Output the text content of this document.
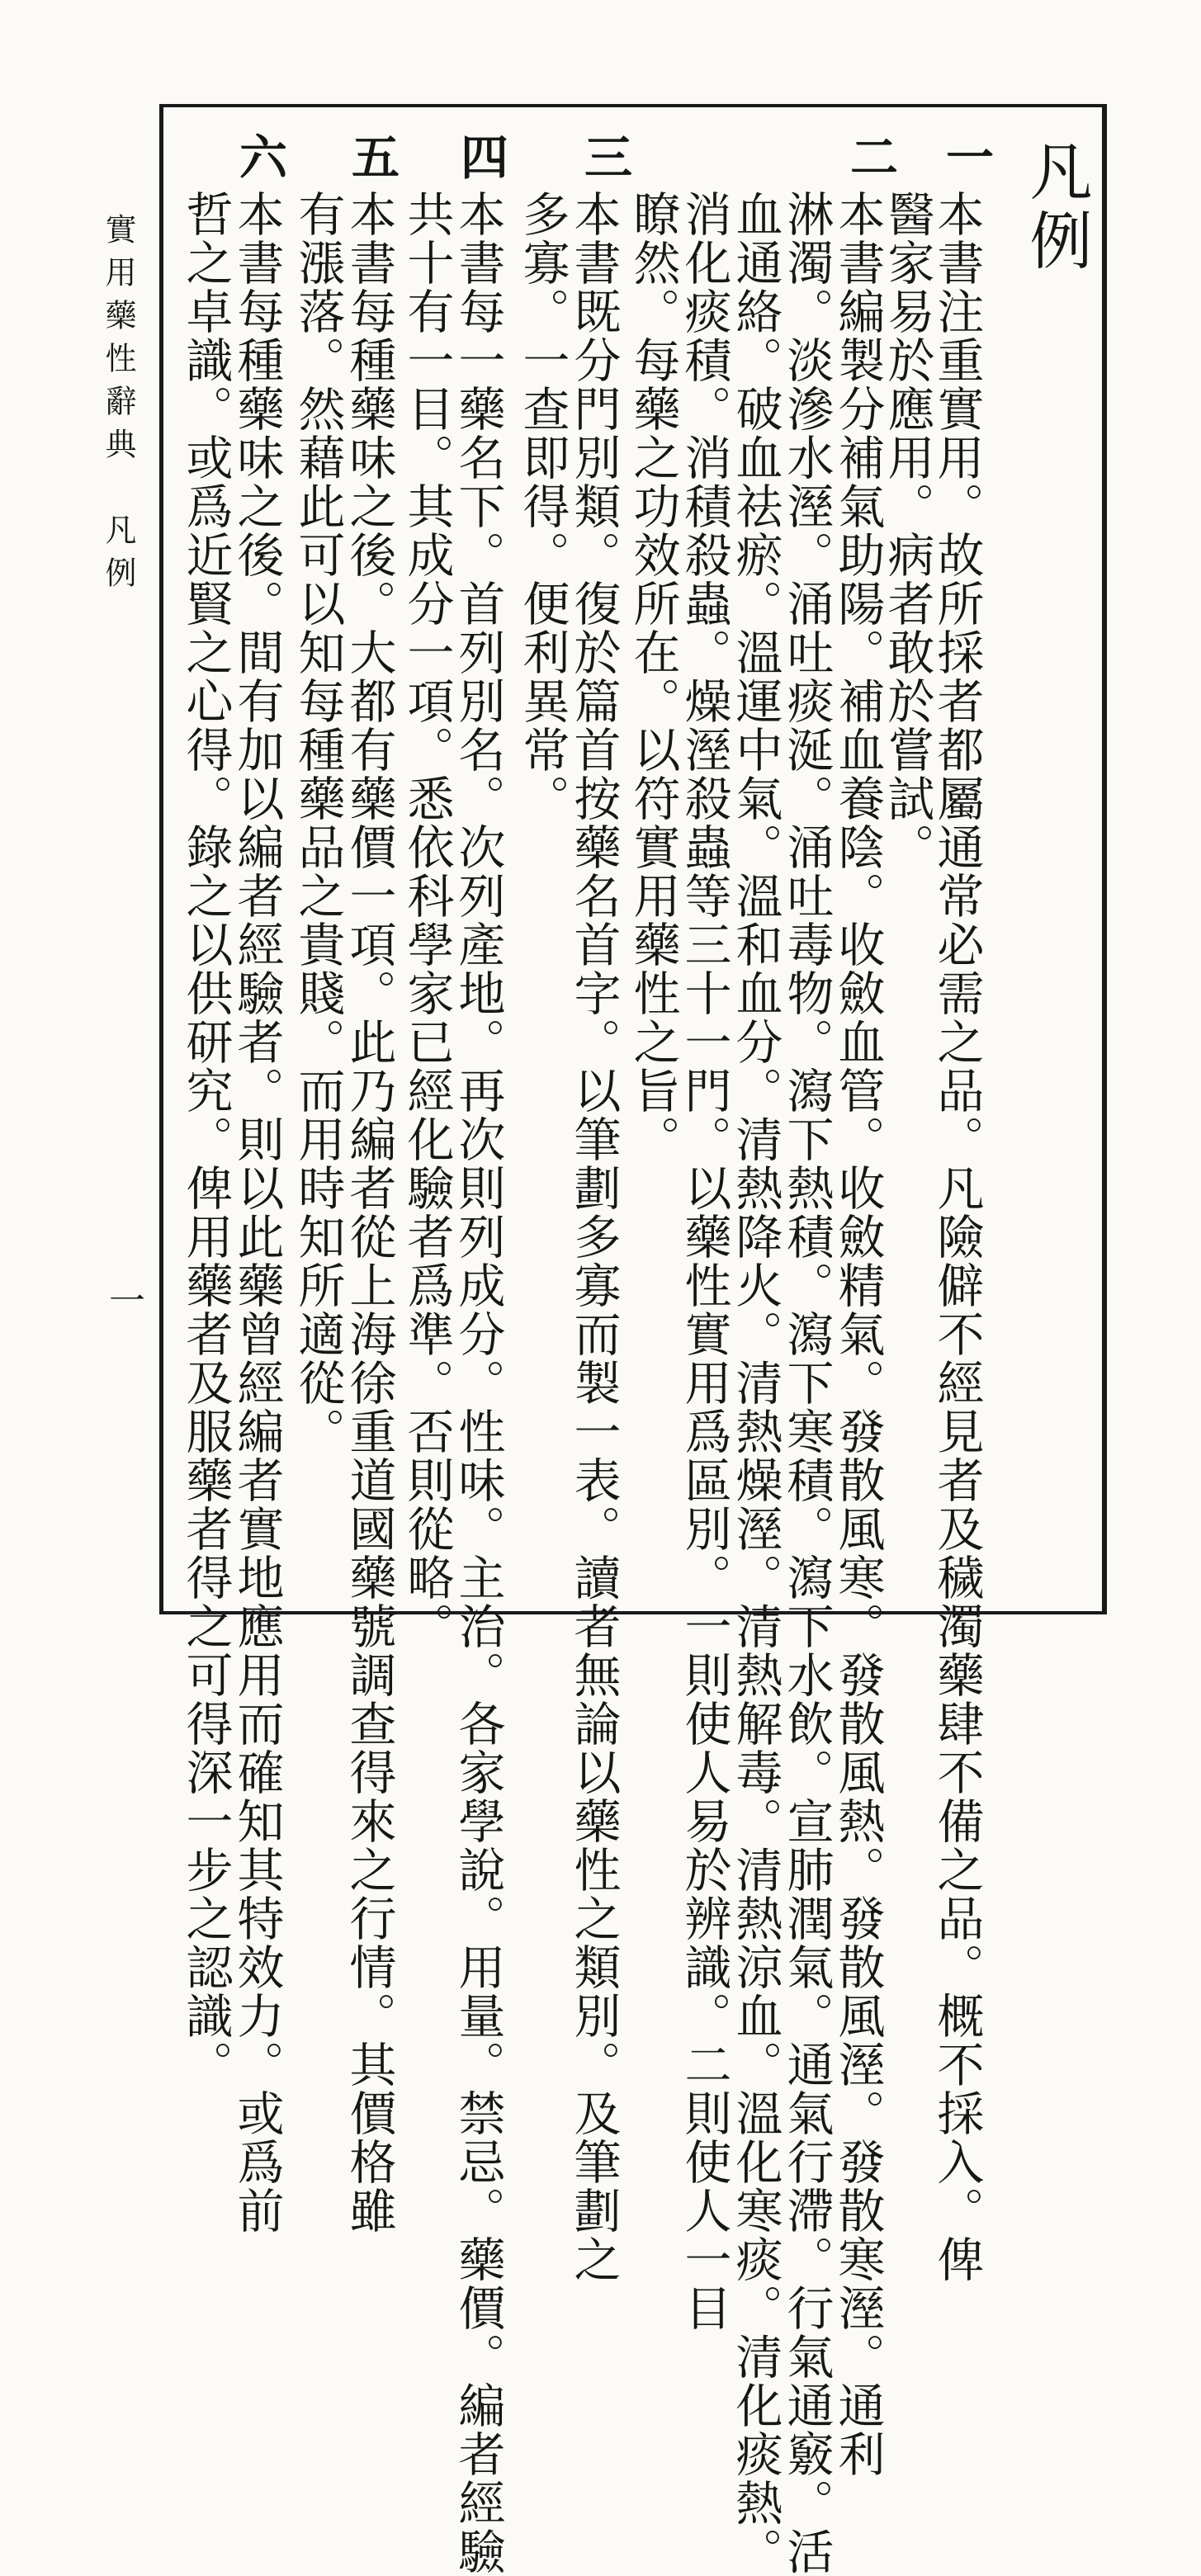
凡例
一
本書注重實用。故所採者都屬通常必需之品。凡險僻不經見者及穢濁藥肆不備之品。概不採入。俾
醫家易於應用。病者敢於嘗試。
二
本書編製分補氣助陽。補血養陰。收斂血管。收斂精氣。發散風寒。發散風熱。發散風溼。發散寒溼。通利
淋濁。淡滲水溼。涌吐痰涎。涌吐毒物。瀉下熱積。瀉下寒積。瀉下水飲。宣肺潤氣。通氣行滯。行氣通竅。活
血通絡。破血祛瘀。溫運中氣。溫和血分。清熱降火。清熱燥溼。清熱解毒。清熱涼血。溫化寒痰。清化痰熱。
消化痰積。消積殺蟲。燥溼殺蟲等三十一門。以藥性實用爲區別。一則使人易於辨識。二則使人一目
瞭然。每藥之功效所在。以符實用藥性之旨。
三
本書既分門別類。復於篇首按藥名首字。以筆劃多寡而製一表。讀者無論以藥性之類別。及筆劃之
多寡。一查即得。便利異常。
四
本書每一藥名下。首列別名。次列產地。再次則列成分。性味。主治。各家學說。用量。禁忌。藥價。編者經驗
共十有一目。其成分一項。悉依科學家已經化驗者爲準。否則從略。
五
本書每種藥味之後。大都有藥價一項。此乃編者從上海徐重道國藥號調查得來之行情。其價格雖
有漲落。然藉此可以知每種藥品之貴賤。而用時知所適從。
六
本書每種藥味之後。間有加以編者經驗者。則以此藥曾經編者實地應用而確知其特效力。或爲前
哲之卓識。或爲近賢之心得。錄之以供研究。俾用藥者及服藥者得之可得深一步之認識。
實用藥性辭典　凡例
一
